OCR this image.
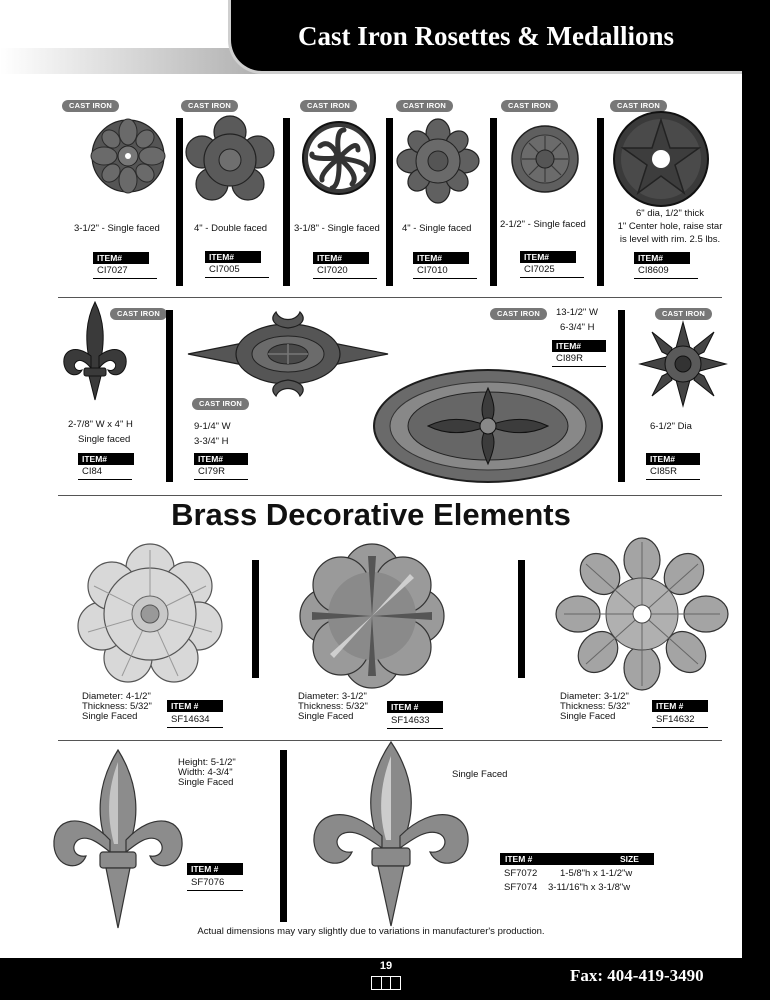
Cast Iron Rosettes & Medallions
CAST IRON	CAST IRON	CAST IRON	CAST IRON	CAST IRON	CAST IRON
3-1/2" - Single faced	4" - Double faced	3-1/8" - Single faced 4" - Single faced	2-1/2" - Single faced
6" dia, 1/2" thick
1" Center hole, raise star
is level with rim. 2.5 lbs.
ITEM#
CI7027
ITEM#
CI7005
ITEM#
CI7020
ITEM#
CI7010
ITEM#
CI7025
ITEM#
CI8609
CAST IRON
2-7/8" W x 4" H
Single faced
ITEM#
CI84
CAST IRON
9-1/4" W
3-3/4" H
ITEM#
CI79R
CAST IRON	13-1/2" W
6-3/4" H
ITEM#
CI89R
CAST IRON
6-1/2" Dia
ITEM#
CI85R
Brass Decorative Elements
Diameter: 4-1/2"
Thickness: 5/32"
Single Faced
ITEM #
SF14634
Diameter: 3-1/2"
Thickness: 5/32"
Single Faced
ITEM #
SF14633
Diameter: 3-1/2"
Thickness: 5/32"
Single Faced
ITEM #
SF14632
Height: 5-1/2"
Width: 4-3/4"
Single Faced
ITEM #
SF7076
Single Faced
ITEM #	SIZE
SF7072 1-5/8"h x 1-1/2"w
SF7074 3-11/16"h x 3-1/8"w
Actual dimensions may vary slightly due to variations in manufacturer's production.
19	Fax: 404-419-3490
